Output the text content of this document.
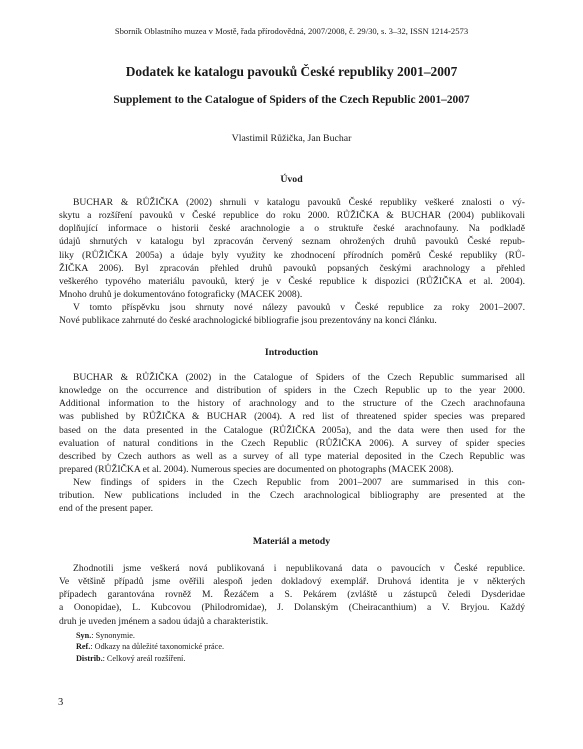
Sborník Oblastního muzea v Mostě, řada přírodovědná, 2007/2008, č. 29/30, s. 3–32, ISSN 1214-2573
Dodatek ke katalogu pavouků České republiky 2001–2007
Supplement to the Catalogue of Spiders of the Czech Republic 2001–2007
Vlastimil Růžička, Jan Buchar
Úvod
BUCHAR & RŮŽIČKA (2002) shrnuli v katalogu pavouků České republiky veškeré znalosti o vý-
skytu a rozšíření pavouků v České republice do roku 2000. RŮŽIČKA & BUCHAR (2004) publikovali
doplňující informace o historii české arachnologie a o struktuře české arachnofauny. Na podkladě
údajů shrnutých v katalogu byl zpracován červený seznam ohrožených druhů pavouků České repub-
liky (RŮŽIČKA 2005a) a údaje byly využity ke zhodnocení přírodních poměrů České republiky (RŮ-
ŽIČKA 2006). Byl zpracován přehled druhů pavouků popsaných českými arachnology a přehled
veškerého typového materiálu pavouků, který je v České republice k dispozici (RŮŽIČKA et al. 2004).
Mnoho druhů je dokumentováno fotograficky (MACEK 2008).
V tomto příspěvku jsou shrnuty nové nálezy pavouků v České republice za roky 2001–2007.
Nové publikace zahrnuté do české arachnologické bibliografie jsou prezentovány na konci článku.
Introduction
BUCHAR & RŮŽIČKA (2002) in the Catalogue of Spiders of the Czech Republic summarised all
knowledge on the occurrence and distribution of spiders in the Czech Republic up to the year 2000.
Additional information to the history of arachnology and to the structure of the Czech arachnofauna
was published by RŮŽIČKA & BUCHAR (2004). A red list of threatened spider species was prepared
based on the data presented in the Catalogue (RŮŽIČKA 2005a), and the data were then used for the
evaluation of natural conditions in the Czech Republic (RŮŽIČKA 2006). A survey of spider species
described by Czech authors as well as a survey of all type material deposited in the Czech Republic was
prepared (RŮŽIČKA et al. 2004). Numerous species are documented on photographs (MACEK 2008).
New findings of spiders in the Czech Republic from 2001–2007 are summarised in this con-
tribution. New publications included in the Czech arachnological bibliography are presented at the
end of the present paper.
Materiál a metody
Zhodnotili jsme veškerá nová publikovaná i nepublikovaná data o pavoucích v České republice.
Ve většině případů jsme ověřili alespoň jeden dokladový exemplář. Druhová identita je v některých
případech garantována rovněž M. Řezáčem a S. Pekárem (zvláště u zástupců čeledi Dysderidae
a Oonopidae), L. Kubcovou (Philodromidae), J. Dolanským (Cheiracanthium) a V. Bryjou. Každý
druh je uveden jménem a sadou údajů a charakteristik.
Syn.: Synonymie.
Ref.: Odkazy na důležité taxonomické práce.
Distrib.: Celkový areál rozšíření.
3
